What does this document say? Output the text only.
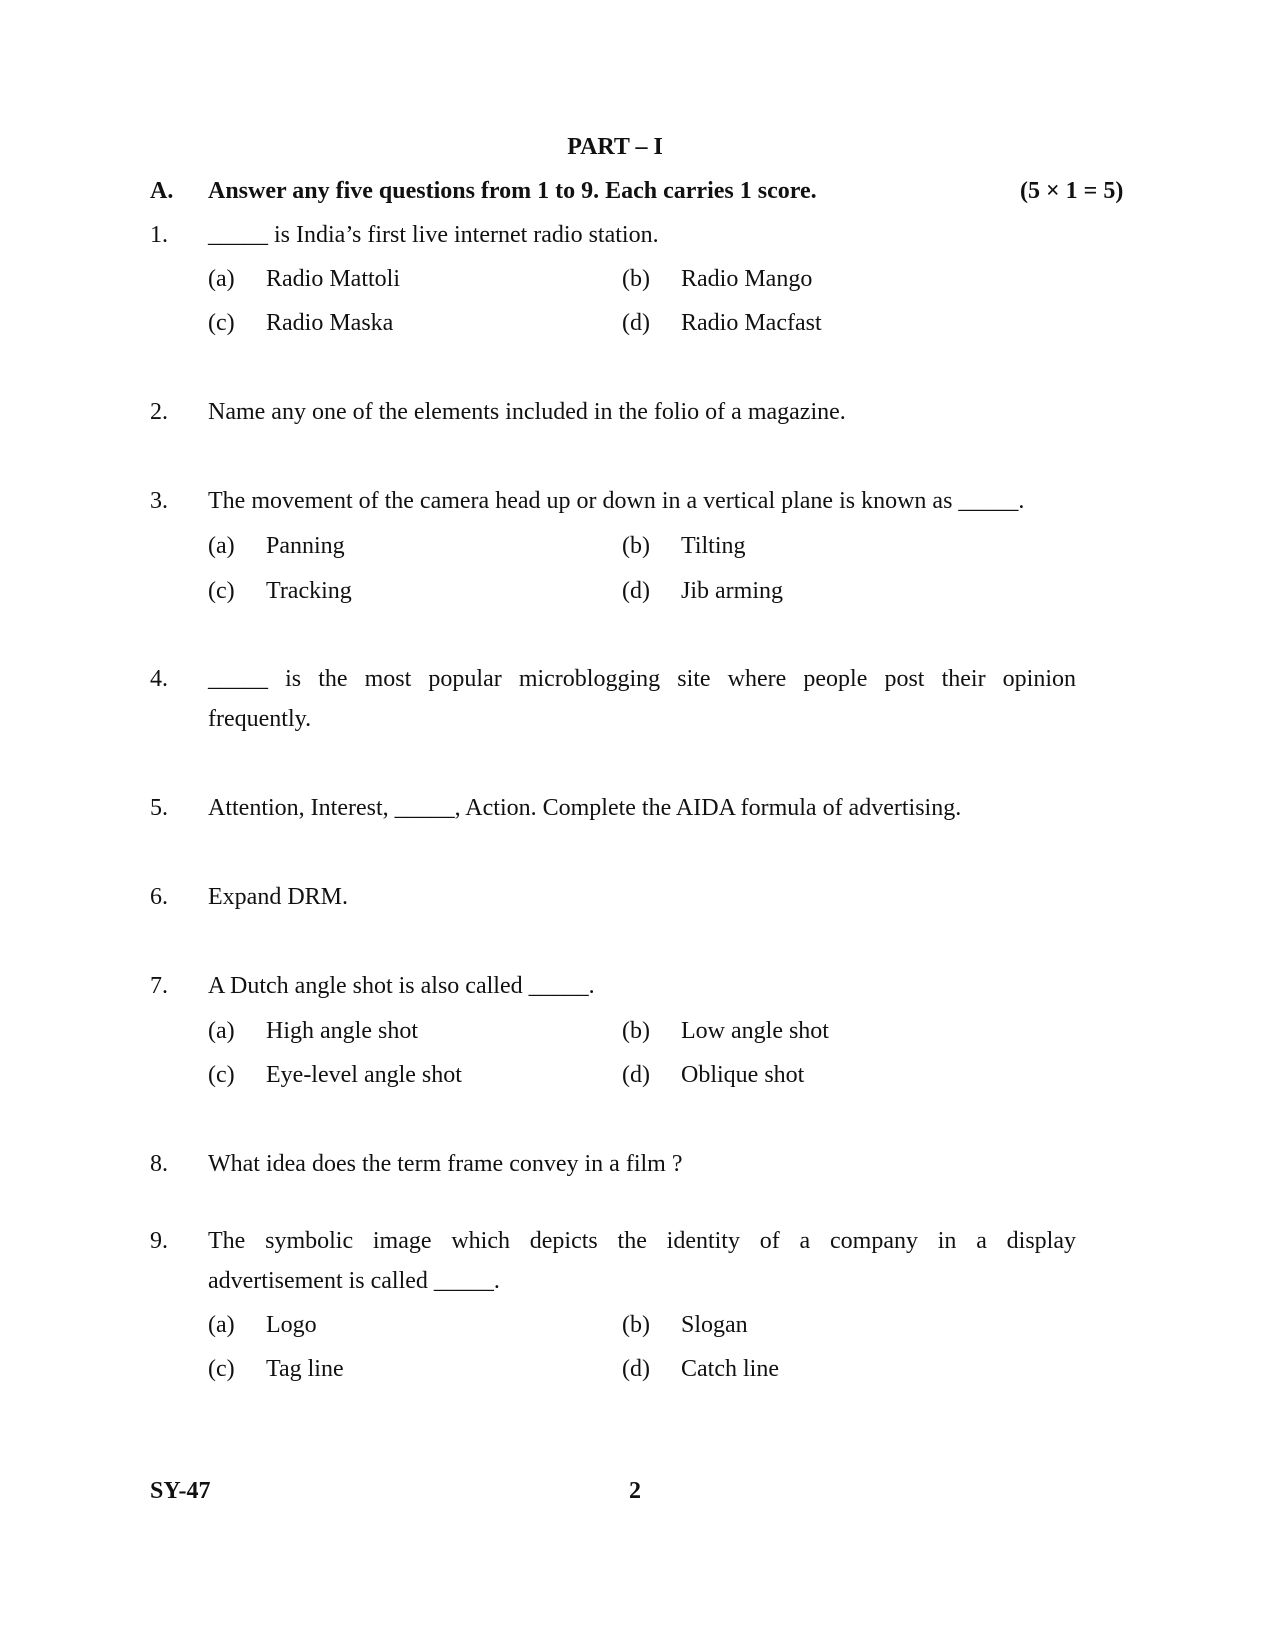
PART – I
A. Answer any five questions from 1 to 9. Each carries 1 score.	(5 × 1 = 5)
1. _____ is India’s first live internet radio station.
(a) Radio Mattoli	(b) Radio Mango
(c) Radio Maska	(d) Radio Macfast
2. Name any one of the elements included in the folio of a magazine.
3. The movement of the camera head up or down in a vertical plane is known as _____.
(a) Panning	(b) Tilting
(c) Tracking	(d) Jib arming
4. _____ is the most popular microblogging site where people post their opinion
frequently.
5. Attention, Interest, _____, Action. Complete the AIDA formula of advertising.
6. Expand DRM.
7. A Dutch angle shot is also called _____.
(a) High angle shot	(b) Low angle shot
(c) Eye-level angle shot	(d) Oblique shot
8. What idea does the term frame convey in a film ?
9. The symbolic image which depicts the identity of a company in a display
advertisement is called _____.
(a) Logo	(b) Slogan
(c) Tag line	(d) Catch line
SY-47	2
